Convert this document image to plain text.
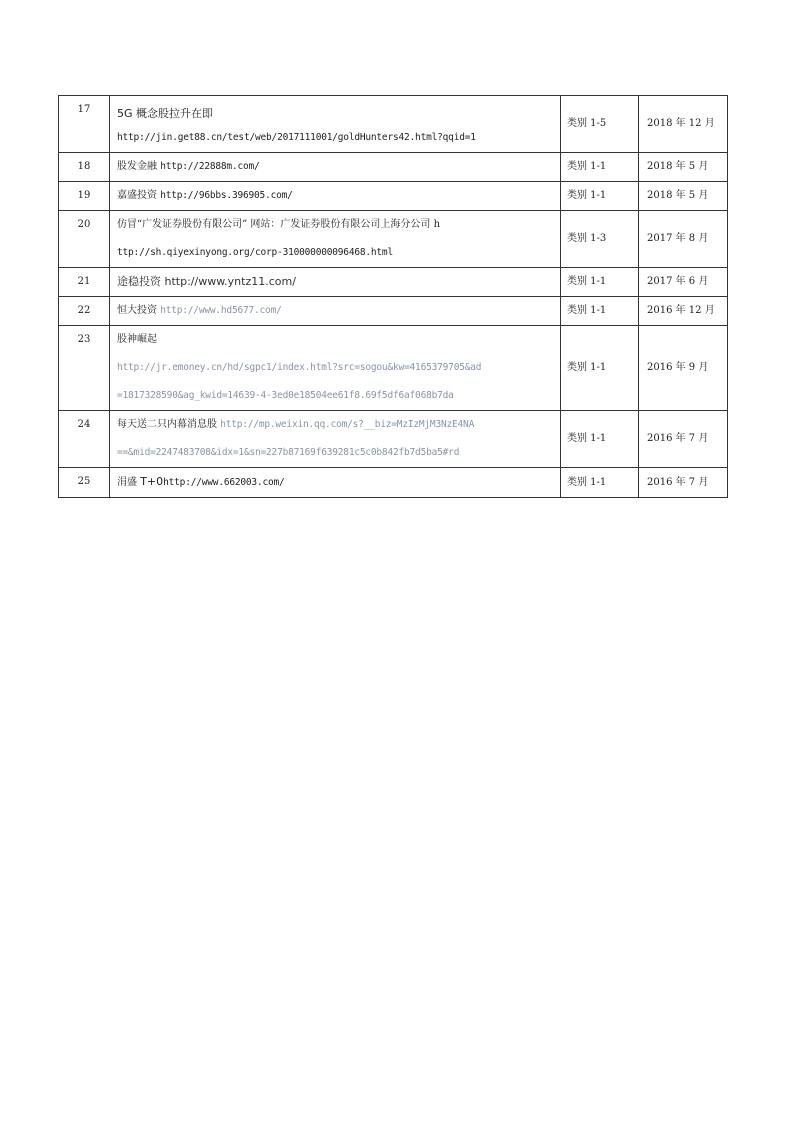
17	5G 概念股拉升在即
http://jin.get88.cn/test/web/2017111001/goldHunters42.html?qqid=1	类别 1-5	2018 年 12 月
18	股发金融 http://22888m.com/	类别 1-1	2018 年 5 月
19	嘉盛投资 http://96bbs.396905.com/	类别 1-1	2018 年 5 月
20	仿冒“广发证券股份有限公司” 网站：广发证券股份有限公司上海分公司 h
ttp://sh.qiyexinyong.org/corp-310000000096468.html	类别 1-3	2017 年 8 月
21	途稳投资 http://www.yntz11.com/	类别 1-1	2017 年 6 月
22	恒大投资 http://www.hd5677.com/	类别 1-1	2016 年 12 月
23	股神崛起
http://jr.emoney.cn/hd/sgpc1/index.html?src=sogou&kw=4165379705&ad
=1817328590&ag_kwid=14639-4-3ed0e18504ee61f8.69f5df6af068b7da	类别 1-1	2016 年 9 月
24	每天送二只内幕消息股 http://mp.weixin.qq.com/s?__biz=MzIzMjM3NzE4NA
==&mid=2247483708&idx=1&sn=227b87169f639281c5c0b842fb7d5ba5#rd	类别 1-1	2016 年 7 月
25	涓盛 T+0http://www.662003.com/	类别 1-1	2016 年 7 月
